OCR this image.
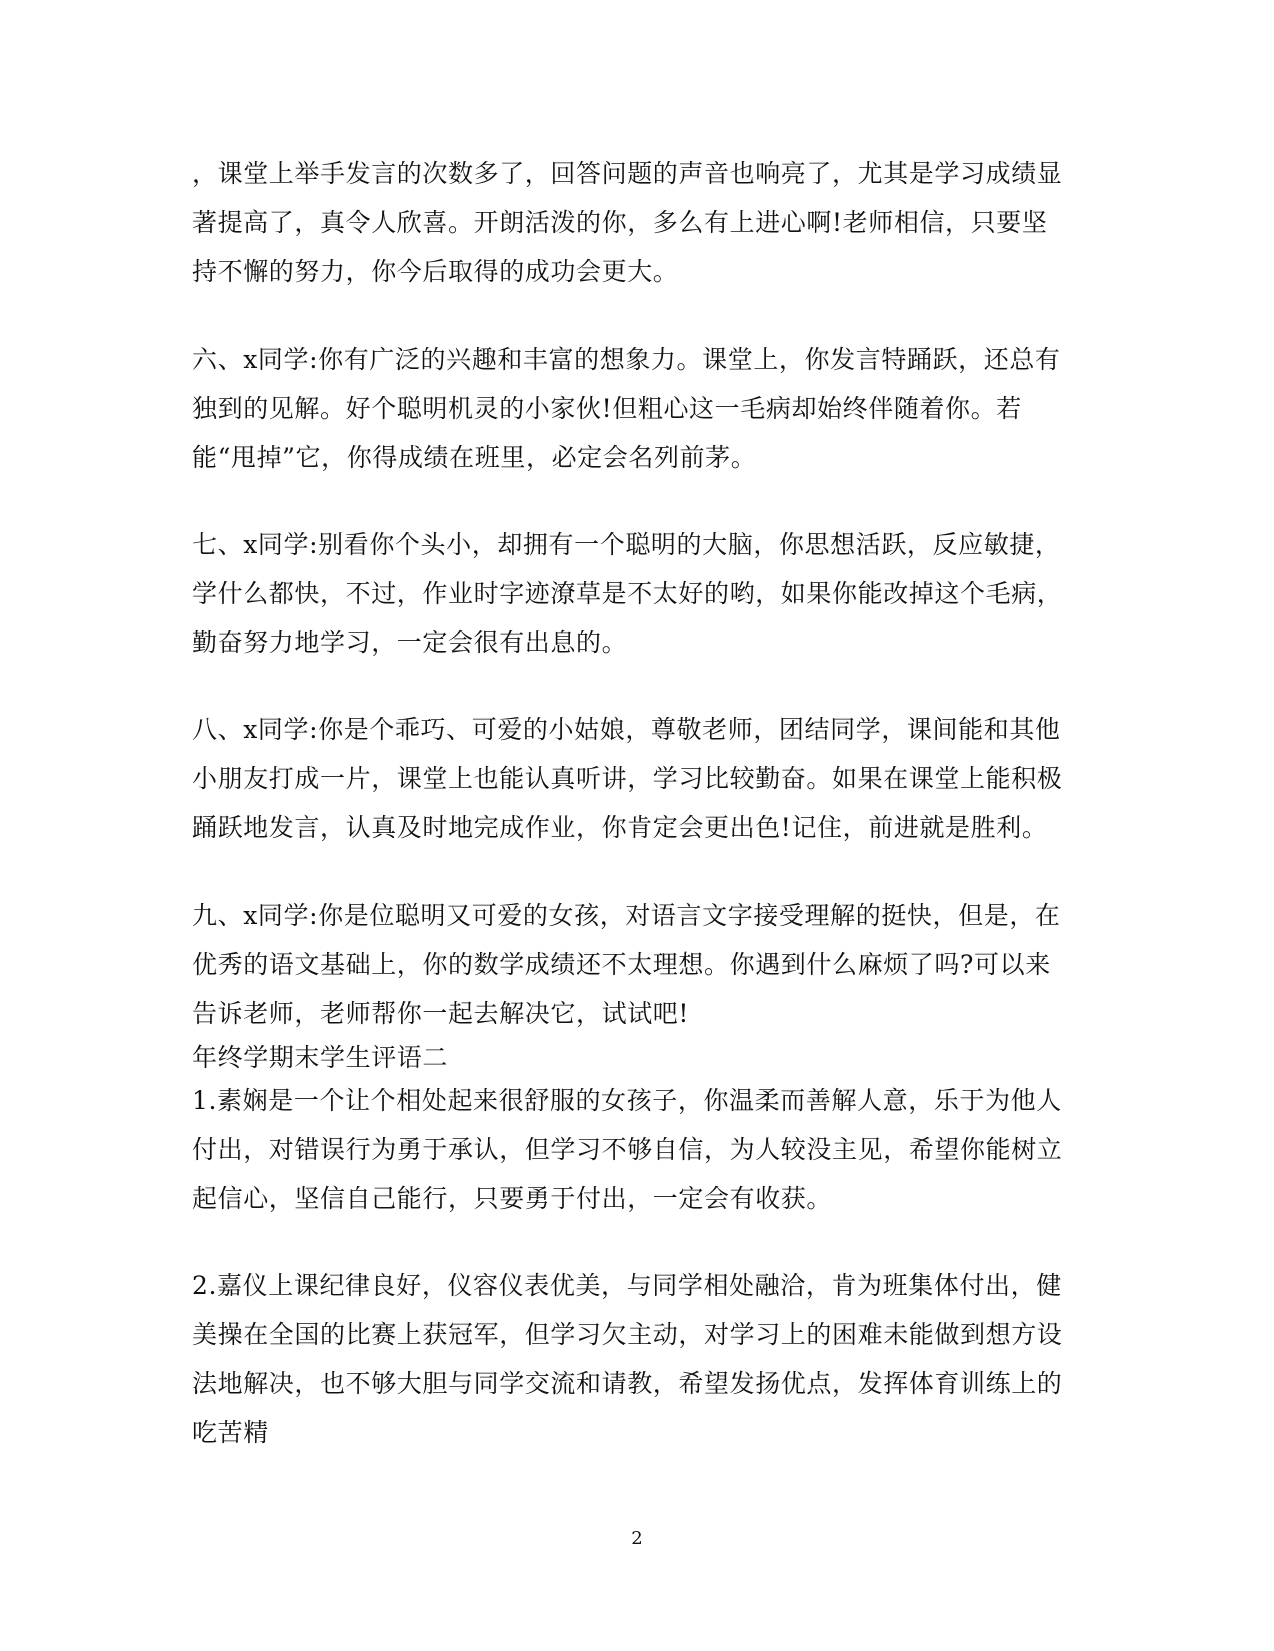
，课堂上举手发言的次数多了，回答问题的声音也响亮了，尤其是学习成绩显著提高了，真令人欣喜。开朗活泼的你，多么有上进心啊!老师相信，只要坚持不懈的努力，你今后取得的成功会更大。
六、x同学:你有广泛的兴趣和丰富的想象力。课堂上，你发言特踊跃，还总有独到的见解。好个聪明机灵的小家伙!但粗心这一毛病却始终伴随着你。若能“甩掉”它，你得成绩在班里，必定会名列前茅。
七、x同学:别看你个头小，却拥有一个聪明的大脑，你思想活跃，反应敏捷，学什么都快，不过，作业时字迹潦草是不太好的哟，如果你能改掉这个毛病，勤奋努力地学习，一定会很有出息的。
八、x同学:你是个乖巧、可爱的小姑娘，尊敬老师，团结同学，课间能和其他小朋友打成一片，课堂上也能认真听讲，学习比较勤奋。如果在课堂上能积极踊跃地发言，认真及时地完成作业，你肯定会更出色!记住，前进就是胜利。
九、x同学:你是位聪明又可爱的女孩，对语言文字接受理解的挺快，但是，在优秀的语文基础上，你的数学成绩还不太理想。你遇到什么麻烦了吗?可以来告诉老师，老师帮你一起去解决它，试试吧!
年终学期末学生评语二
1.素娴是一个让个相处起来很舒服的女孩子，你温柔而善解人意，乐于为他人付出，对错误行为勇于承认，但学习不够自信，为人较没主见，希望你能树立起信心，坚信自己能行，只要勇于付出，一定会有收获。
2.嘉仪上课纪律良好，仪容仪表优美，与同学相处融洽，肯为班集体付出，健美操在全国的比赛上获冠军，但学习欠主动，对学习上的困难未能做到想方设法地解决，也不够大胆与同学交流和请教，希望发扬优点，发挥体育训练上的吃苦精
2
